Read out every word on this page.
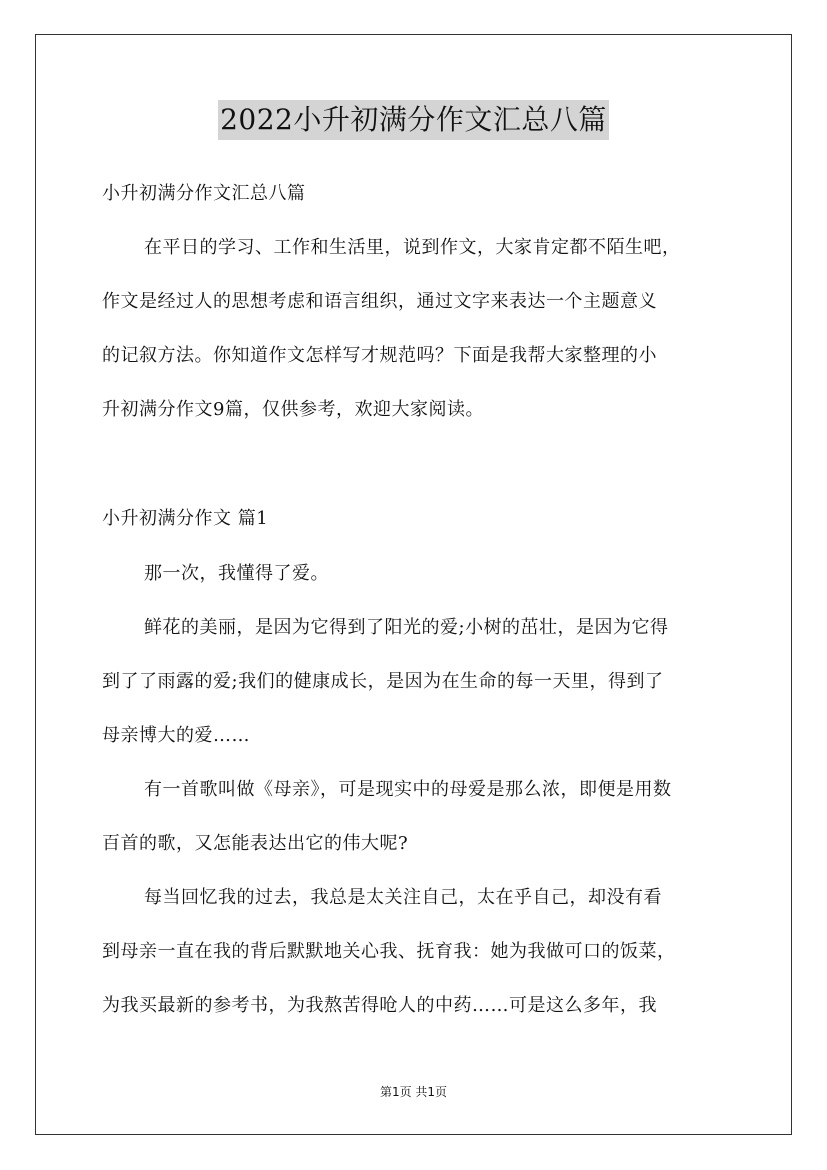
2022小升初满分作文汇总八篇
小升初满分作文汇总八篇
在平日的学习、工作和生活里，说到作文，大家肯定都不陌生吧，
作文是经过人的思想考虑和语言组织，通过文字来表达一个主题意义
的记叙方法。你知道作文怎样写才规范吗？下面是我帮大家整理的小
升初满分作文9篇，仅供参考，欢迎大家阅读。
小升初满分作文 篇1
那一次，我懂得了爱。
鲜花的美丽，是因为它得到了阳光的爱;小树的茁壮，是因为它得
到了了雨露的爱;我们的健康成长，是因为在生命的每一天里，得到了
母亲博大的爱……
有一首歌叫做《母亲》，可是现实中的母爱是那么浓，即便是用数
百首的歌，又怎能表达出它的伟大呢?
每当回忆我的过去，我总是太关注自己，太在乎自己，却没有看
到母亲一直在我的背后默默地关心我、抚育我：她为我做可口的饭菜，
为我买最新的参考书，为我熬苦得呛人的中药……可是这么多年，我
第1页 共1页
